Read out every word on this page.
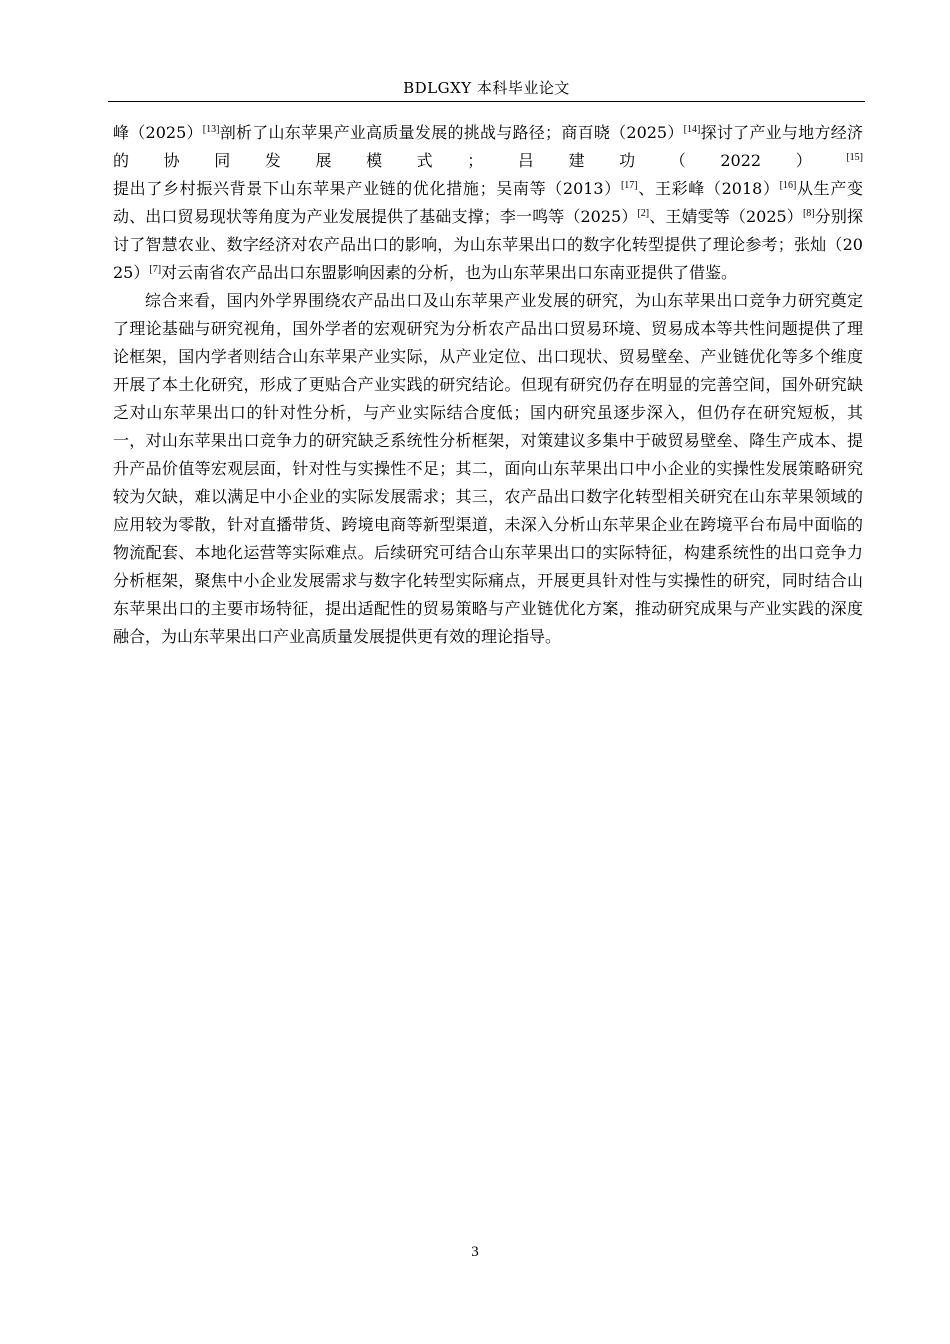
BDLGXY 本科毕业论文

峰（2025）[13]剖析了山东苹果产业高质量发展的挑战与路径；商百晓（2025）[14]探讨了产业与地方经济的协同发展模式；吕建功（2022）[15]提出了乡村振兴背景下山东苹果产业链的优化措施；吴南等（2013）[17]、王彩峰（2018）[16]从生产变动、出口贸易现状等角度为产业发展提供了基础支撑；李一鸣等（2025）[2]、王婧雯等（2025）[8]分别探讨了智慧农业、数字经济对农产品出口的影响，为山东苹果出口的数字化转型提供了理论参考；张灿（2025）[7]对云南省农产品出口东盟影响因素的分析，也为山东苹果出口东南亚提供了借鉴。

综合来看，国内外学界围绕农产品出口及山东苹果产业发展的研究，为山东苹果出口竞争力研究奠定了理论基础与研究视角，国外学者的宏观研究为分析农产品出口贸易环境、贸易成本等共性问题提供了理论框架，国内学者则结合山东苹果产业实际，从产业定位、出口现状、贸易壁垒、产业链优化等多个维度开展了本土化研究，形成了更贴合产业实践的研究结论。但现有研究仍存在明显的完善空间，国外研究缺乏对山东苹果出口的针对性分析，与产业实际结合度低；国内研究虽逐步深入，但仍存在研究短板，其一，对山东苹果出口竞争力的研究缺乏系统性分析框架，对策建议多集中于破贸易壁垒、降生产成本、提升产品价值等宏观层面，针对性与实操性不足；其二，面向山东苹果出口中小企业的实操性发展策略研究较为欠缺，难以满足中小企业的实际发展需求；其三，农产品出口数字化转型相关研究在山东苹果领域的应用较为零散，针对直播带货、跨境电商等新型渠道，未深入分析山东苹果企业在跨境平台布局中面临的物流配套、本地化运营等实际难点。后续研究可结合山东苹果出口的实际特征，构建系统性的出口竞争力分析框架，聚焦中小企业发展需求与数字化转型实际痛点，开展更具针对性与实操性的研究，同时结合山东苹果出口的主要市场特征，提出适配性的贸易策略与产业链优化方案，推动研究成果与产业实践的深度融合，为山东苹果出口产业高质量发展提供更有效的理论指导。

3
